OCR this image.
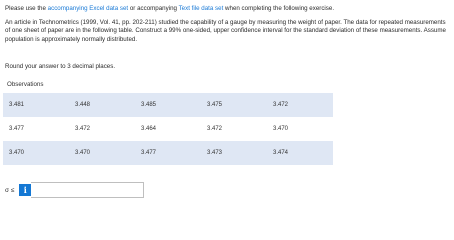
Please use the accompanying Excel data set or accompanying Text file data set when completing the following exercise.

An article in Technometrics (1999, Vol. 41, pp. 202-211) studied the capability of a gauge by measuring the weight of paper. The data for repeated measurements of one sheet of paper are in the following table. Construct a 99% one-sided, upper confidence interval for the standard deviation of these measurements. Assume population is approximately normally distributed.

Round your answer to 3 decimal places.
Observations
3.481	3.448	3.485	3.475	3.472
3.477	3.472	3.464	3.472	3.470
3.470	3.470	3.477	3.473	3.474
σ ≤	i
